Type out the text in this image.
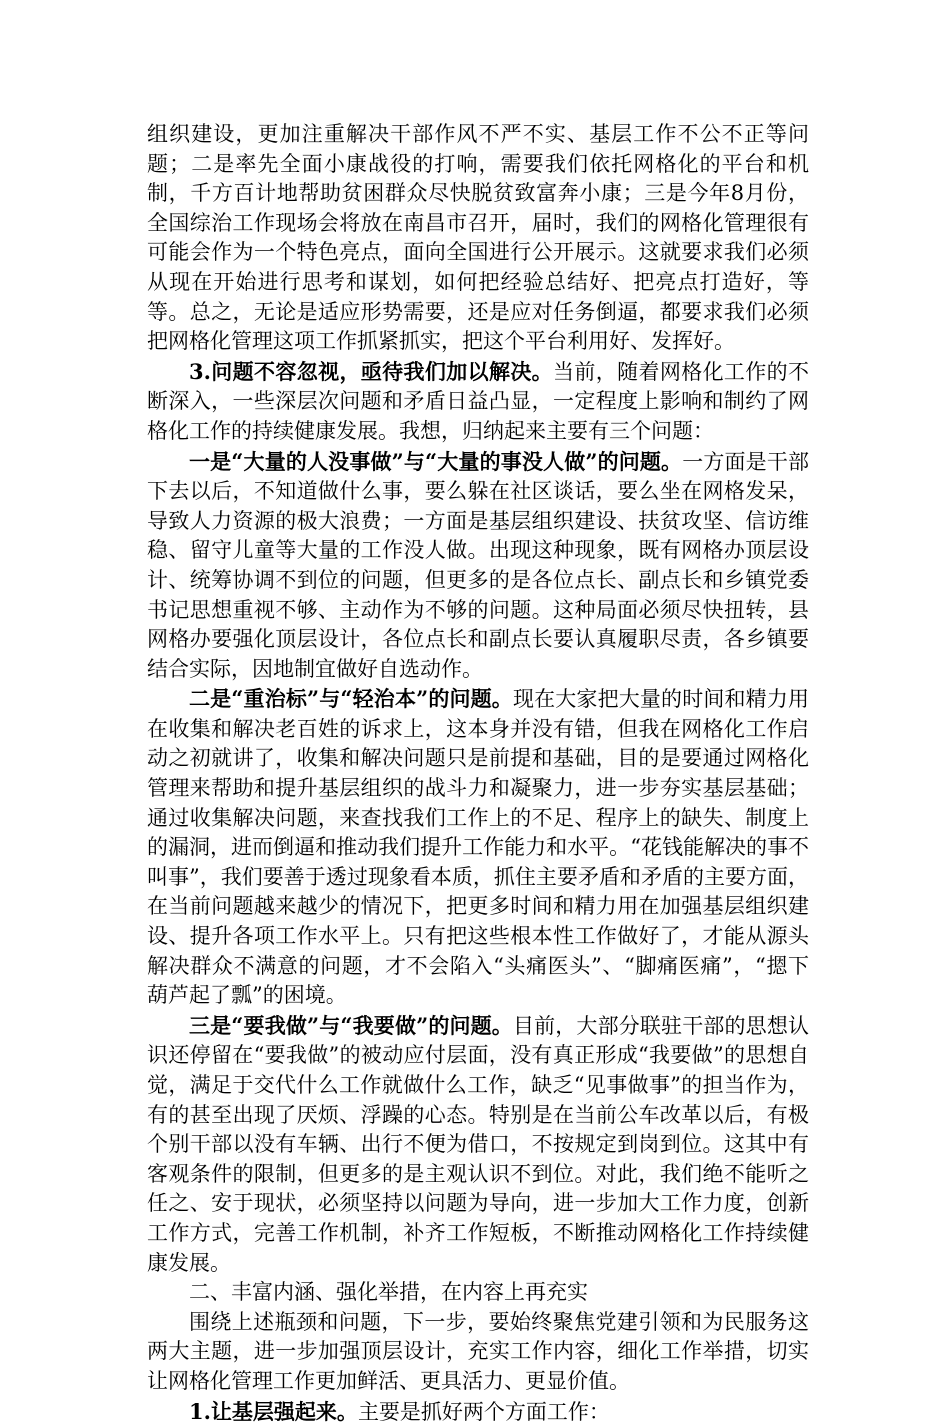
组织建设，更加注重解决干部作风不严不实、基层工作不公不正等问题；二是率先全面小康战役的打响，需要我们依托网格化的平台和机制，千方百计地帮助贫困群众尽快脱贫致富奔小康；三是今年8月份，全国综治工作现场会将放在南昌市召开，届时，我们的网格化管理很有可能会作为一个特色亮点，面向全国进行公开展示。这就要求我们必须从现在开始进行思考和谋划，如何把经验总结好、把亮点打造好，等等。总之，无论是适应形势需要，还是应对任务倒逼，都要求我们必须把网格化管理这项工作抓紧抓实，把这个平台利用好、发挥好。

3.问题不容忽视，亟待我们加以解决。当前，随着网格化工作的不断深入，一些深层次问题和矛盾日益凸显，一定程度上影响和制约了网格化工作的持续健康发展。我想，归纳起来主要有三个问题：

一是“大量的人没事做”与“大量的事没人做”的问题。一方面是干部下去以后，不知道做什么事，要么躲在社区谈话，要么坐在网格发呆，导致人力资源的极大浪费；一方面是基层组织建设、扶贫攻坚、信访维稳、留守儿童等大量的工作没人做。出现这种现象，既有网格办顶层设计、统筹协调不到位的问题，但更多的是各位点长、副点长和乡镇党委书记思想重视不够、主动作为不够的问题。这种局面必须尽快扭转，县网格办要强化顶层设计，各位点长和副点长要认真履职尽责，各乡镇要结合实际，因地制宜做好自选动作。

二是“重治标”与“轻治本”的问题。现在大家把大量的时间和精力用在收集和解决老百姓的诉求上，这本身并没有错，但我在网格化工作启动之初就讲了，收集和解决问题只是前提和基础，目的是要通过网格化管理来帮助和提升基层组织的战斗力和凝聚力，进一步夯实基层基础；通过收集解决问题，来查找我们工作上的不足、程序上的缺失、制度上的漏洞，进而倒逼和推动我们提升工作能力和水平。“花钱能解决的事不叫事”，我们要善于透过现象看本质，抓住主要矛盾和矛盾的主要方面，在当前问题越来越少的情况下，把更多时间和精力用在加强基层组织建设、提升各项工作水平上。只有把这些根本性工作做好了，才能从源头解决群众不满意的问题，才不会陷入“头痛医头”、“脚痛医痛”，“摁下葫芦起了瓢”的困境。

三是“要我做”与“我要做”的问题。目前，大部分联驻干部的思想认识还停留在“要我做”的被动应付层面，没有真正形成“我要做”的思想自觉，满足于交代什么工作就做什么工作，缺乏“见事做事”的担当作为，有的甚至出现了厌烦、浮躁的心态。特别是在当前公车改革以后，有极个别干部以没有车辆、出行不便为借口，不按规定到岗到位。这其中有客观条件的限制，但更多的是主观认识不到位。对此，我们绝不能听之任之、安于现状，必须坚持以问题为导向，进一步加大工作力度，创新工作方式，完善工作机制，补齐工作短板，不断推动网格化工作持续健康发展。

二、丰富内涵、强化举措，在内容上再充实

围绕上述瓶颈和问题，下一步，要始终聚焦党建引领和为民服务这两大主题，进一步加强顶层设计，充实工作内容，细化工作举措，切实让网格化管理工作更加鲜活、更具活力、更显价值。

1.让基层强起来。主要是抓好两个方面工作：
